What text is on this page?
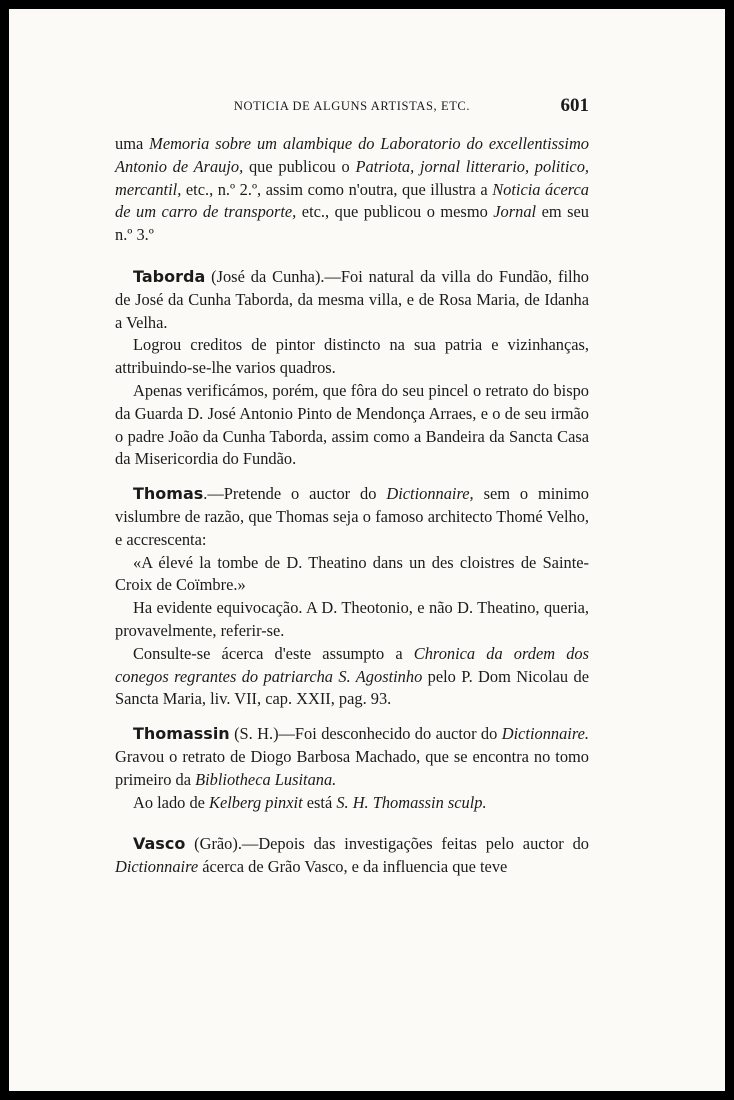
NOTICIA DE ALGUNS ARTISTAS, ETC.	601

uma Memoria sobre um alambique do Laboratorio do excellentissimo Antonio de Araujo, que publicou o Patriota, jornal litterario, politico, mercantil, etc., n.º 2.º, assim como n'outra, que illustra a Noticia ácerca de um carro de transporte, etc., que publicou o mesmo Jornal em seu n.º 3.º

Taborda (José da Cunha).—Foi natural da villa do Fundão, filho de José da Cunha Taborda, da mesma villa, e de Rosa Maria, de Idanha a Velha.

Logrou creditos de pintor distincto na sua patria e vizinhanças, attribuindo-se-lhe varios quadros.

Apenas verificámos, porém, que fôra do seu pincel o retrato do bispo da Guarda D. José Antonio Pinto de Mendonça Arraes, e o de seu irmão o padre João da Cunha Taborda, assim como a Bandeira da Sancta Casa da Misericordia do Fundão.

Thomas.—Pretende o auctor do Dictionnaire, sem o minimo vislumbre de razão, que Thomas seja o famoso architecto Thomé Velho, e accrescenta:

«A élevé la tombe de D. Theatino dans un des cloistres de Sainte-Croix de Coïmbre.»

Ha evidente equivocação. A D. Theotonio, e não D. Theatino, queria, provavelmente, referir-se.

Consulte-se ácerca d'este assumpto a Chronica da ordem dos conegos regrantes do patriarcha S. Agostinho pelo P. Dom Nicolau de Sancta Maria, liv. VII, cap. XXII, pag. 93.

Thomassin (S. H.)—Foi desconhecido do auctor do Dictionnaire. Gravou o retrato de Diogo Barbosa Machado, que se encontra no tomo primeiro da Bibliotheca Lusitana.

Ao lado de Kelberg pinxit está S. H. Thomassin sculp.

Vasco (Grão).—Depois das investigações feitas pelo auctor do Dictionnaire ácerca de Grão Vasco, e da influencia que teve
